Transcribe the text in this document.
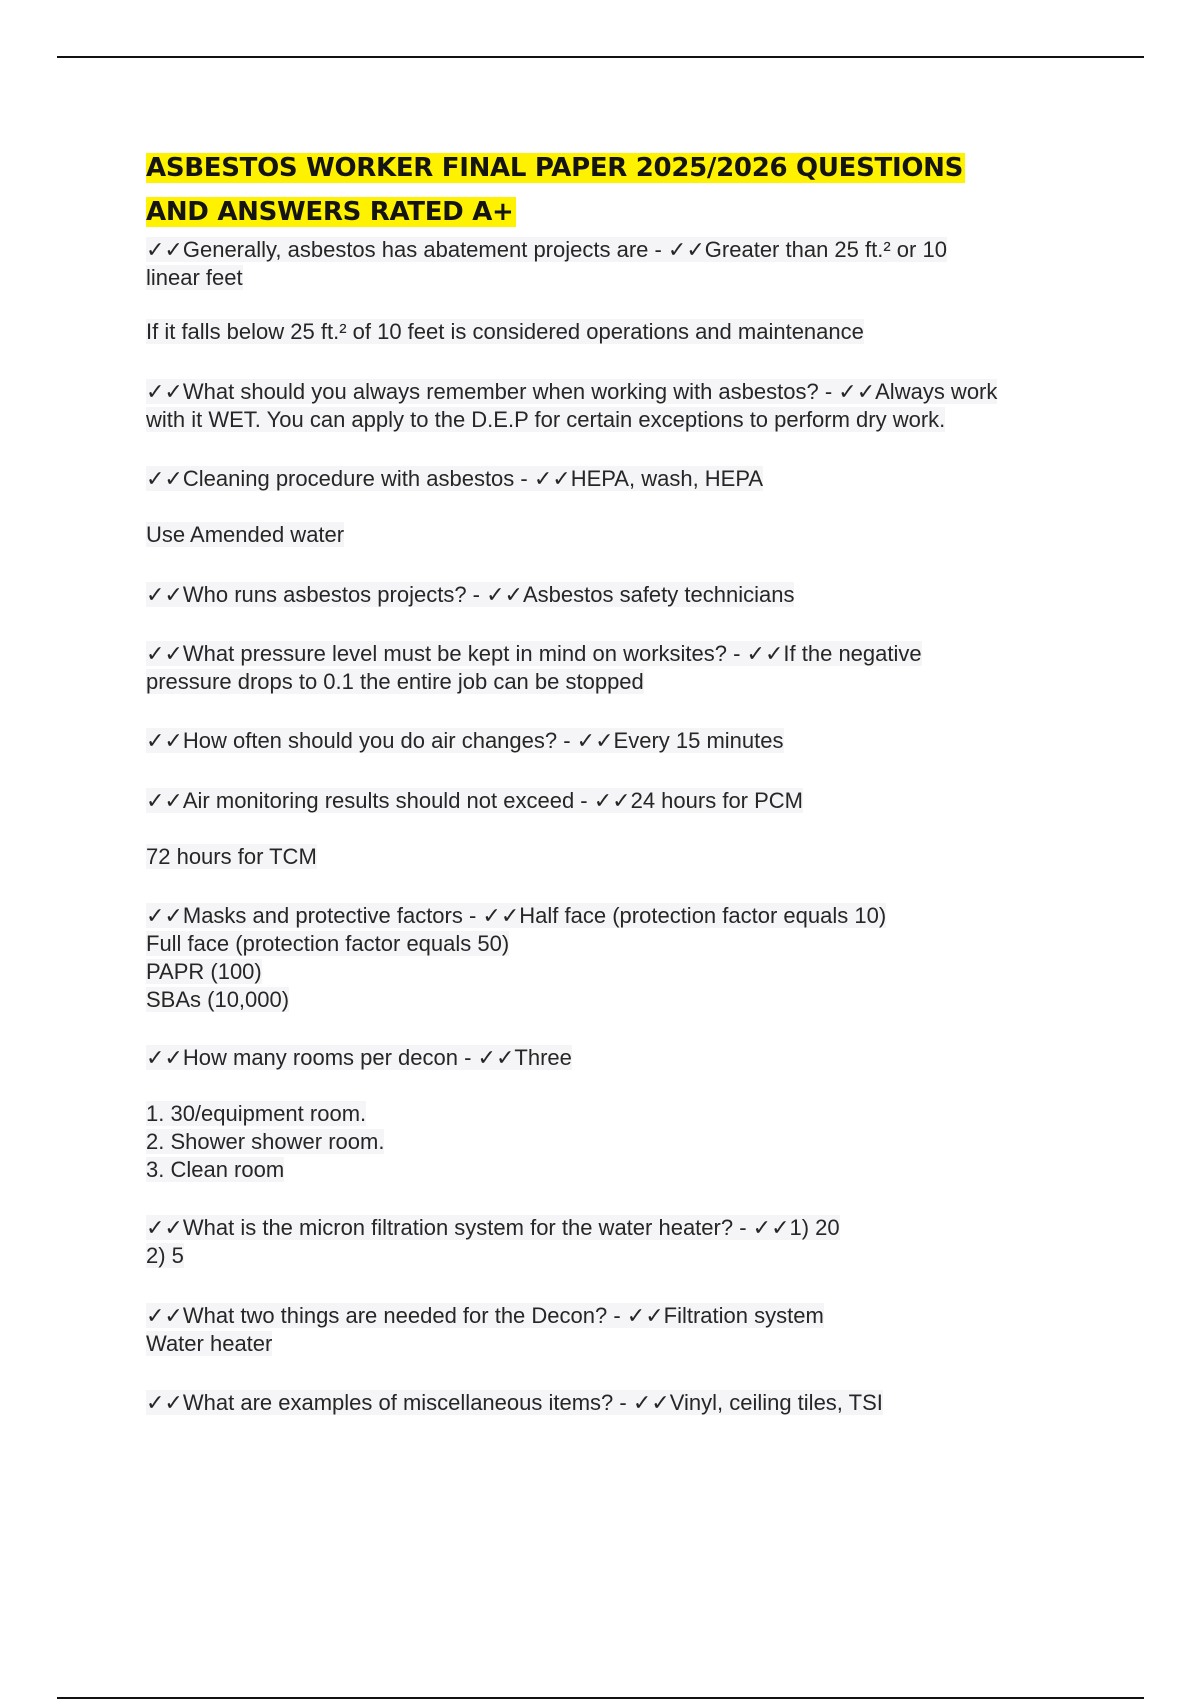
ASBESTOS WORKER FINAL PAPER 2025/2026 QUESTIONS
AND ANSWERS RATED A+

✓✓Generally, asbestos has abatement projects are - ✓✓Greater than 25 ft.² or 10
linear feet

If it falls below 25 ft.² of 10 feet is considered operations and maintenance

✓✓What should you always remember when working with asbestos? - ✓✓Always work
with it WET. You can apply to the D.E.P for certain exceptions to perform dry work.

✓✓Cleaning procedure with asbestos - ✓✓HEPA, wash, HEPA

Use Amended water

✓✓Who runs asbestos projects? - ✓✓Asbestos safety technicians

✓✓What pressure level must be kept in mind on worksites? - ✓✓If the negative
pressure drops to 0.1 the entire job can be stopped

✓✓How often should you do air changes? - ✓✓Every 15 minutes

✓✓Air monitoring results should not exceed - ✓✓24 hours for PCM

72 hours for TCM

✓✓Masks and protective factors - ✓✓Half face (protection factor equals 10)
Full face (protection factor equals 50)
PAPR (100)
SBAs (10,000)

✓✓How many rooms per decon - ✓✓Three

1. 30/equipment room.
2. Shower shower room.
3. Clean room

✓✓What is the micron filtration system for the water heater? - ✓✓1) 20
2) 5

✓✓What two things are needed for the Decon? - ✓✓Filtration system
Water heater

✓✓What are examples of miscellaneous items? - ✓✓Vinyl, ceiling tiles, TSI
